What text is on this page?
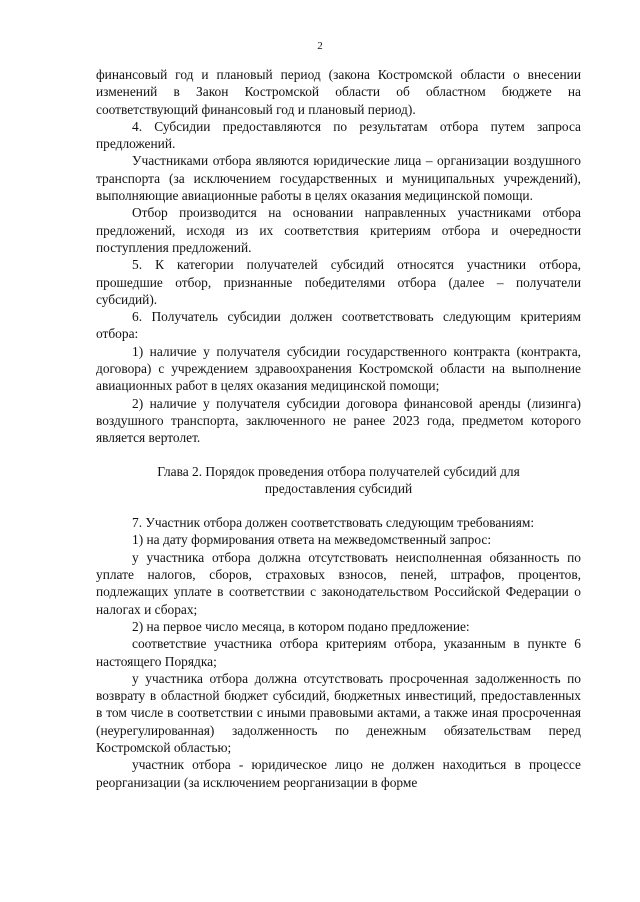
2

финансовый год и плановый период (закона Костромской области о внесении изменений в Закон Костромской области об областном бюджете на соответствующий финансовый год и плановый период).

4. Субсидии предоставляются по результатам отбора путем запроса предложений.

Участниками отбора являются юридические лица – организации воздушного транспорта (за исключением государственных и муниципальных учреждений), выполняющие авиационные работы в целях оказания медицинской помощи.

Отбор производится на основании направленных участниками отбора предложений, исходя из их соответствия критериям отбора и очередности поступления предложений.

5. К категории получателей субсидий относятся участники отбора, прошедшие отбор, признанные победителями отбора (далее – получатели субсидий).

6. Получатель субсидии должен соответствовать следующим критериям отбора:

1) наличие у получателя субсидии государственного контракта (контракта, договора) с учреждением здравоохранения Костромской области на выполнение авиационных работ в целях оказания медицинской помощи;

2) наличие у получателя субсидии договора финансовой аренды (лизинга) воздушного транспорта, заключенного не ранее 2023 года, предметом которого является вертолет.

Глава 2. Порядок проведения отбора получателей субсидий для
предоставления субсидий

7. Участник отбора должен соответствовать следующим требованиям:

1) на дату формирования ответа на межведомственный запрос:

у участника отбора должна отсутствовать неисполненная обязанность по уплате налогов, сборов, страховых взносов, пеней, штрафов, процентов, подлежащих уплате в соответствии с законодательством Российской Федерации о налогах и сборах;

2) на первое число месяца, в котором подано предложение:

соответствие участника отбора критериям отбора, указанным в пункте 6 настоящего Порядка;

у участника отбора должна отсутствовать просроченная задолженность по возврату в областной бюджет субсидий, бюджетных инвестиций, предоставленных в том числе в соответствии с иными правовыми актами, а также иная просроченная (неурегулированная) задолженность по денежным обязательствам перед Костромской областью;

участник отбора - юридическое лицо не должен находиться в процессе реорганизации (за исключением реорганизации в форме
